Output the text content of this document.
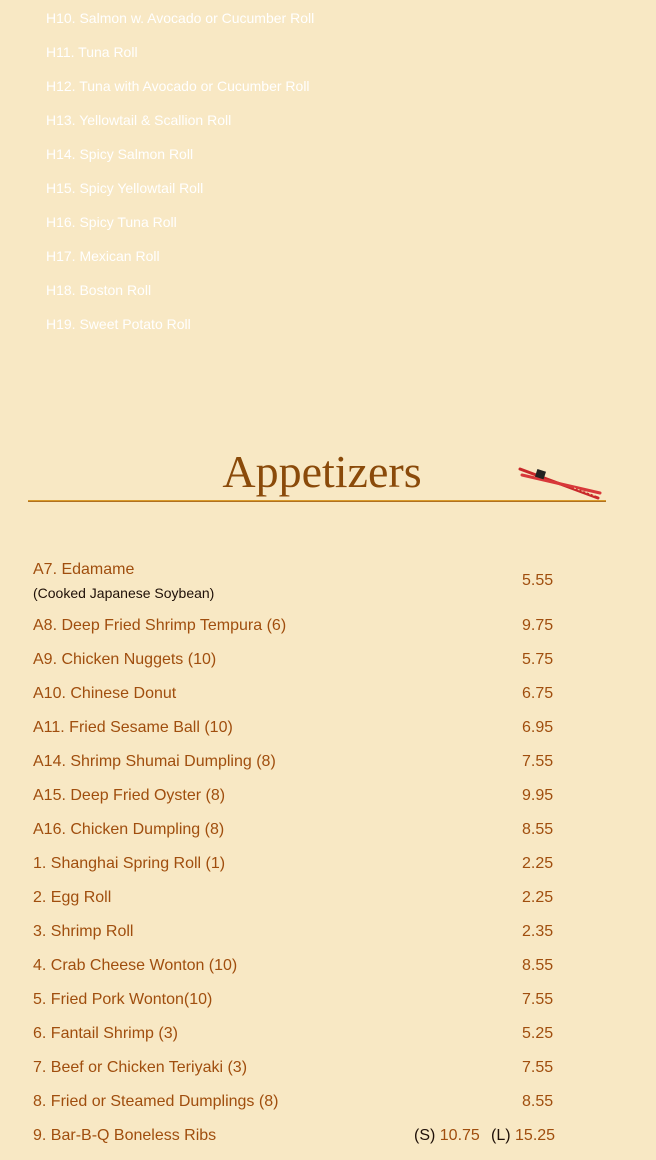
H10. Salmon w. Avocado or Cucumber Roll
H11. Tuna Roll
H12. Tuna with Avocado or Cucumber Roll
H13. Yellowtail & Scallion Roll
H14. Spicy Salmon Roll
H15. Spicy Yellowtail Roll
H16. Spicy Tuna Roll
H17. Mexican Roll
H18. Boston Roll
H19. Sweet Potato Roll
Appetizers
A7. Edamame
(Cooked Japanese Soybean)
5.55
A8. Deep Fried Shrimp Tempura (6)	9.75
A9. Chicken Nuggets (10)	5.75
A10. Chinese Donut	6.75
A11. Fried Sesame Ball (10)	6.95
A14. Shrimp Shumai Dumpling (8)	7.55
A15. Deep Fried Oyster (8)	9.95
A16. Chicken Dumpling (8)	8.55
1. Shanghai Spring Roll (1)	2.25
2. Egg Roll	2.25
3. Shrimp Roll	2.35
4. Crab Cheese Wonton (10)	8.55
5. Fried Pork Wonton(10)	7.55
6. Fantail Shrimp (3)	5.25
7. Beef or Chicken Teriyaki (3)	7.55
8. Fried or Steamed Dumplings (8)	8.55
9. Bar-B-Q Boneless Ribs	(S) 10.75 (L) 15.25
